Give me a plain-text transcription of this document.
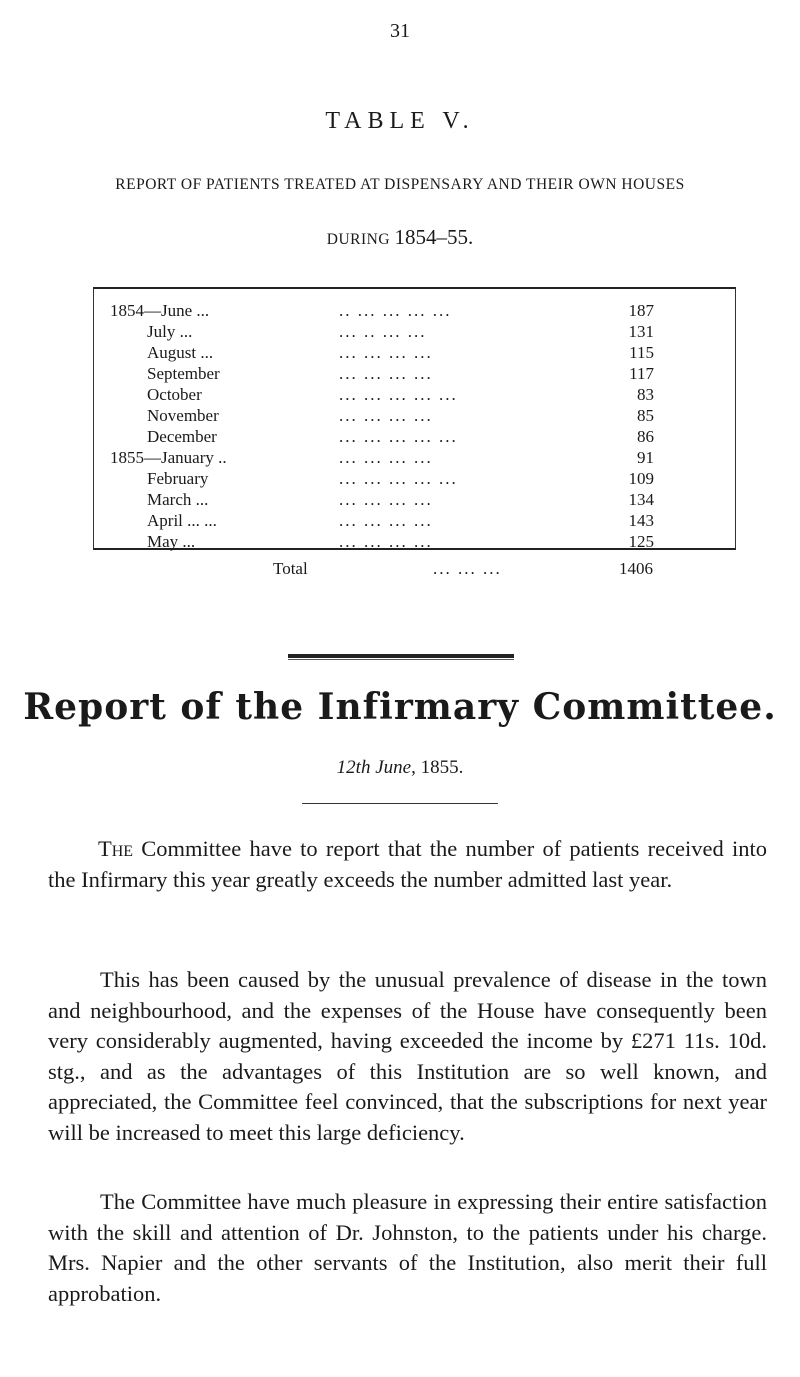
31
TABLE V.
REPORT OF PATIENTS TREATED AT DISPENSARY AND THEIR OWN HOUSES
DURING 1854–55.
1854—June ...	.. ... ... ... ...	187
July ...	... .. ... ...	131
August ...	... ... ... ...	115
September	... ... ... ...	117
October	... ... ... ... ...	83
November	... ... ... ...	85
December	... ... ... ... ...	86
1855—January ..	... ... ... ...	91
February	... ... ... ... ...	109
March ...	... ... ... ...	134
April ... ...	... ... ... ...	143
May ...	... ... ... ...	125
Total	... ... ...	1406
Report of the Infirmary Committee.
12th June, 1855.

The Committee have to report that the number of patients received into the Infirmary this year greatly exceeds the number admitted last year.

This has been caused by the unusual prevalence of disease in the town and neighbourhood, and the expenses of the House have consequently been very considerably augmented, having exceeded the income by £271 11s. 10d. stg., and as the advantages of this Institution are so well known, and appreciated, the Committee feel convinced, that the subscriptions for next year will be increased to meet this large deficiency.

The Committee have much pleasure in expressing their entire satisfaction with the skill and attention of Dr. Johnston, to the patients under his charge. Mrs. Napier and the other servants of the Institution, also merit their full approbation.
